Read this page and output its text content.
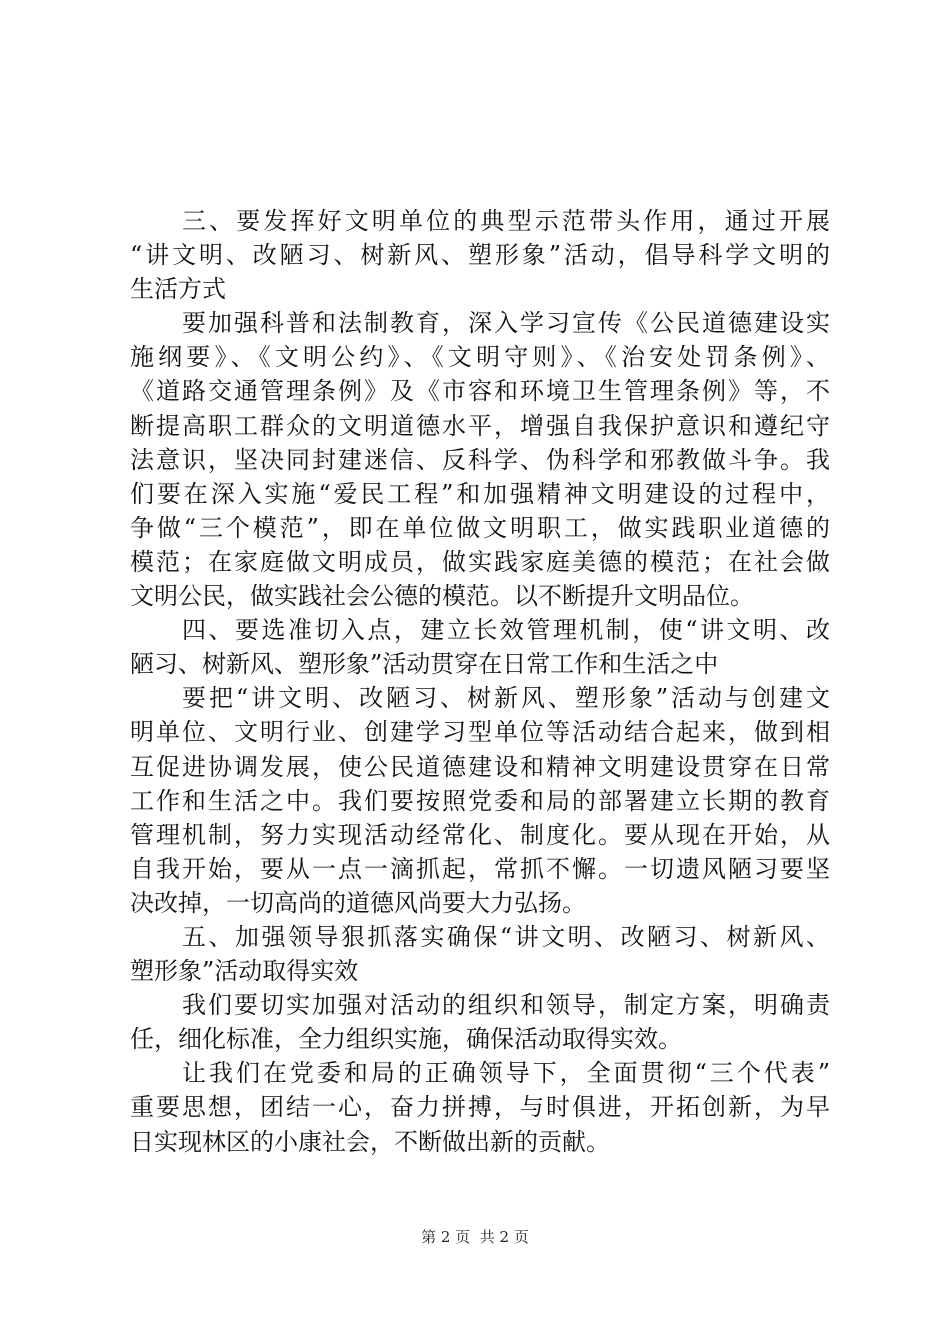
三、要发挥好文明单位的典型示范带头作用，通过开展
“讲文明、改陋习、树新风、塑形象”活动，倡导科学文明的
生活方式
要加强科普和法制教育，深入学习宣传《公民道德建设实
施纲要》、《文明公约》、《文明守则》、《治安处罚条例》、
《道路交通管理条例》及《市容和环境卫生管理条例》等，不
断提高职工群众的文明道德水平，增强自我保护意识和遵纪守
法意识，坚决同封建迷信、反科学、伪科学和邪教做斗争。我
们要在深入实施“爱民工程”和加强精神文明建设的过程中，
争做“三个模范”，即在单位做文明职工，做实践职业道德的
模范；在家庭做文明成员，做实践家庭美德的模范；在社会做
文明公民，做实践社会公德的模范。以不断提升文明品位。
四、要选准切入点，建立长效管理机制，使“讲文明、改
陋习、树新风、塑形象”活动贯穿在日常工作和生活之中
要把“讲文明、改陋习、树新风、塑形象”活动与创建文
明单位、文明行业、创建学习型单位等活动结合起来，做到相
互促进协调发展，使公民道德建设和精神文明建设贯穿在日常
工作和生活之中。我们要按照党委和局的部署建立长期的教育
管理机制，努力实现活动经常化、制度化。要从现在开始，从
自我开始，要从一点一滴抓起，常抓不懈。一切遗风陋习要坚
决改掉，一切高尚的道德风尚要大力弘扬。
五、加强领导狠抓落实确保“讲文明、改陋习、树新风、
塑形象”活动取得实效
我们要切实加强对活动的组织和领导，制定方案，明确责
任，细化标准，全力组织实施，确保活动取得实效。
让我们在党委和局的正确领导下，全面贯彻“三个代表”
重要思想，团结一心，奋力拼搏，与时俱进，开拓创新，为早
日实现林区的小康社会，不断做出新的贡献。
第 2 页  共 2 页
